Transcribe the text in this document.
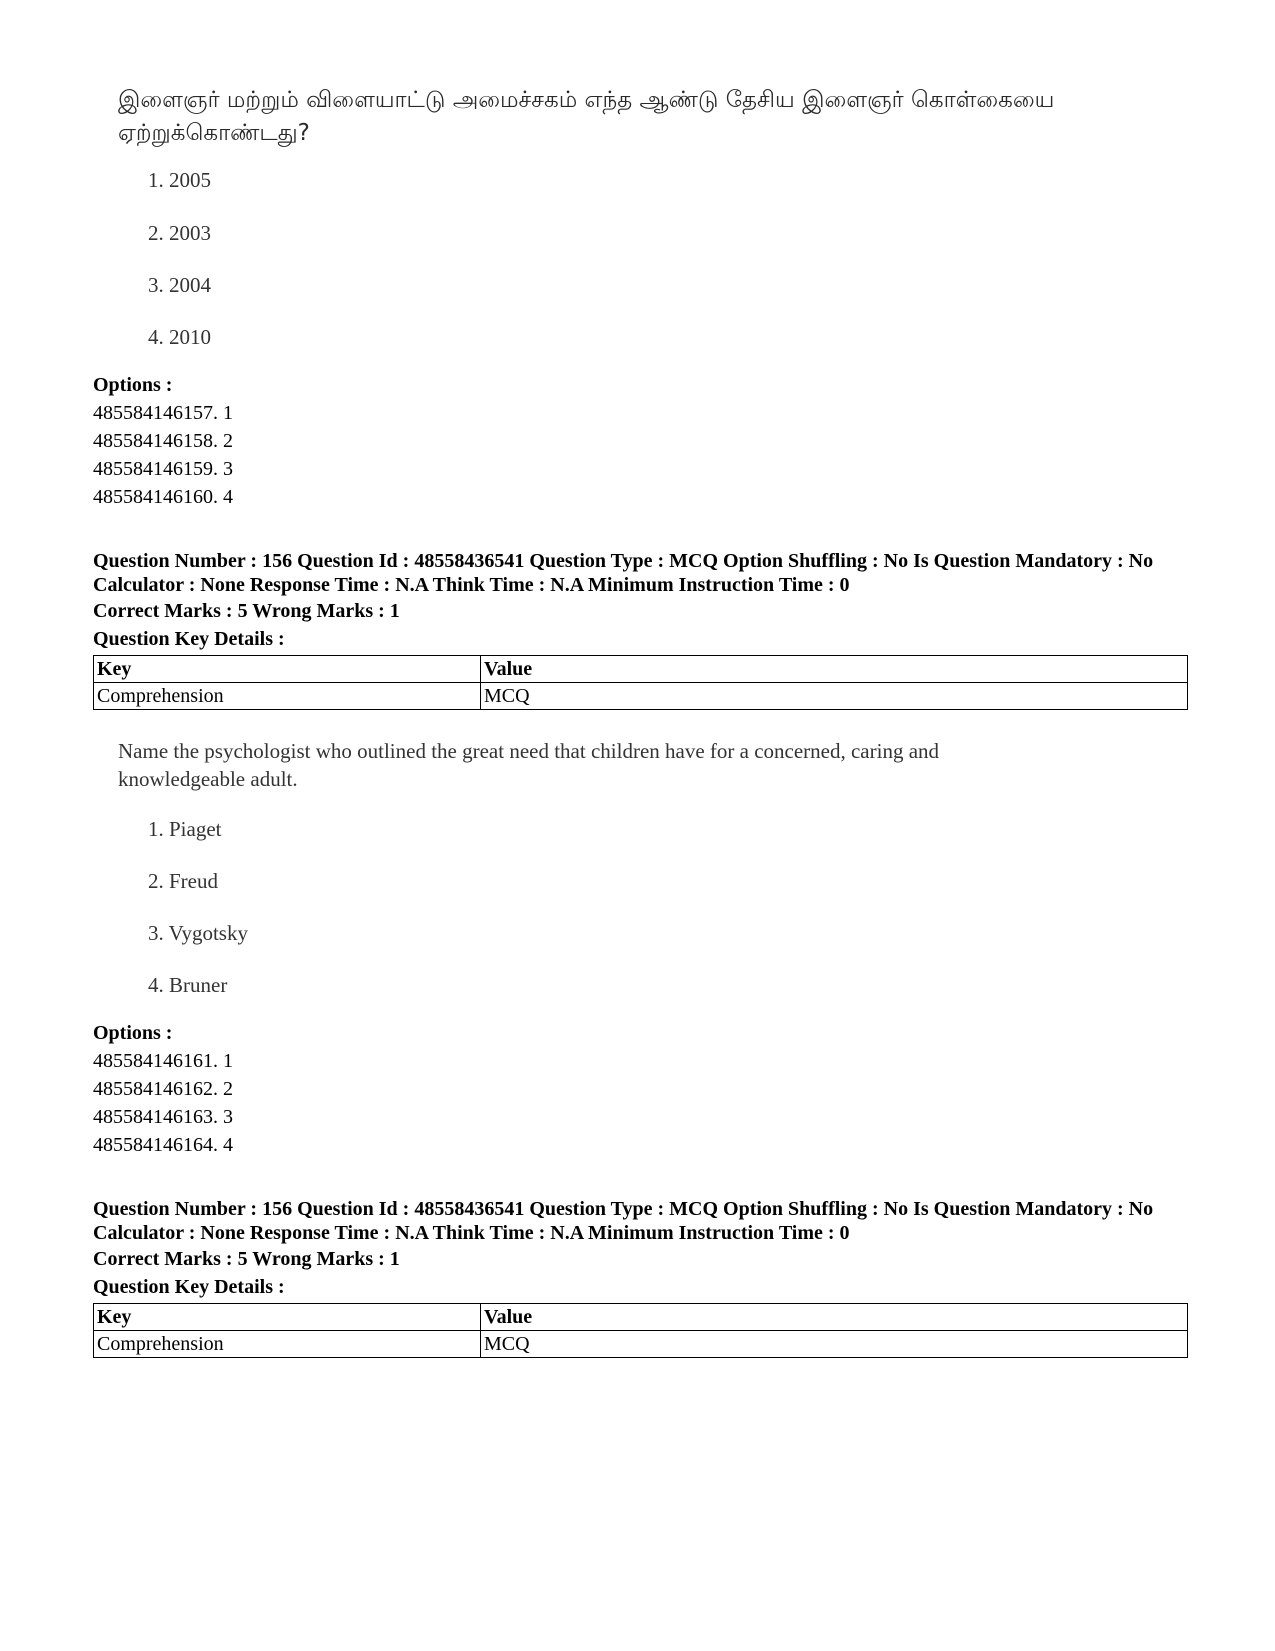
இளைஞர் மற்றும் விளையாட்டு அமைச்சகம் எந்த ஆண்டு தேசிய இளைஞர் கொள்கையை ஏற்றுக்கொண்டது?
1. 2005
2. 2003
3. 2004
4. 2010
Options :
485584146157. 1
485584146158. 2
485584146159. 3
485584146160. 4
Question Number : 156 Question Id : 48558436541 Question Type : MCQ Option Shuffling : No Is Question Mandatory : No Calculator : None Response Time : N.A Think Time : N.A Minimum Instruction Time : 0
Correct Marks : 5 Wrong Marks : 1
Question Key Details :
Key	Value
Comprehension	MCQ
Name the psychologist who outlined the great need that children have for a concerned, caring and knowledgeable adult.
1. Piaget
2. Freud
3. Vygotsky
4. Bruner
Options :
485584146161. 1
485584146162. 2
485584146163. 3
485584146164. 4
Question Number : 156 Question Id : 48558436541 Question Type : MCQ Option Shuffling : No Is Question Mandatory : No Calculator : None Response Time : N.A Think Time : N.A Minimum Instruction Time : 0
Correct Marks : 5 Wrong Marks : 1
Question Key Details :
Key	Value
Comprehension	MCQ
